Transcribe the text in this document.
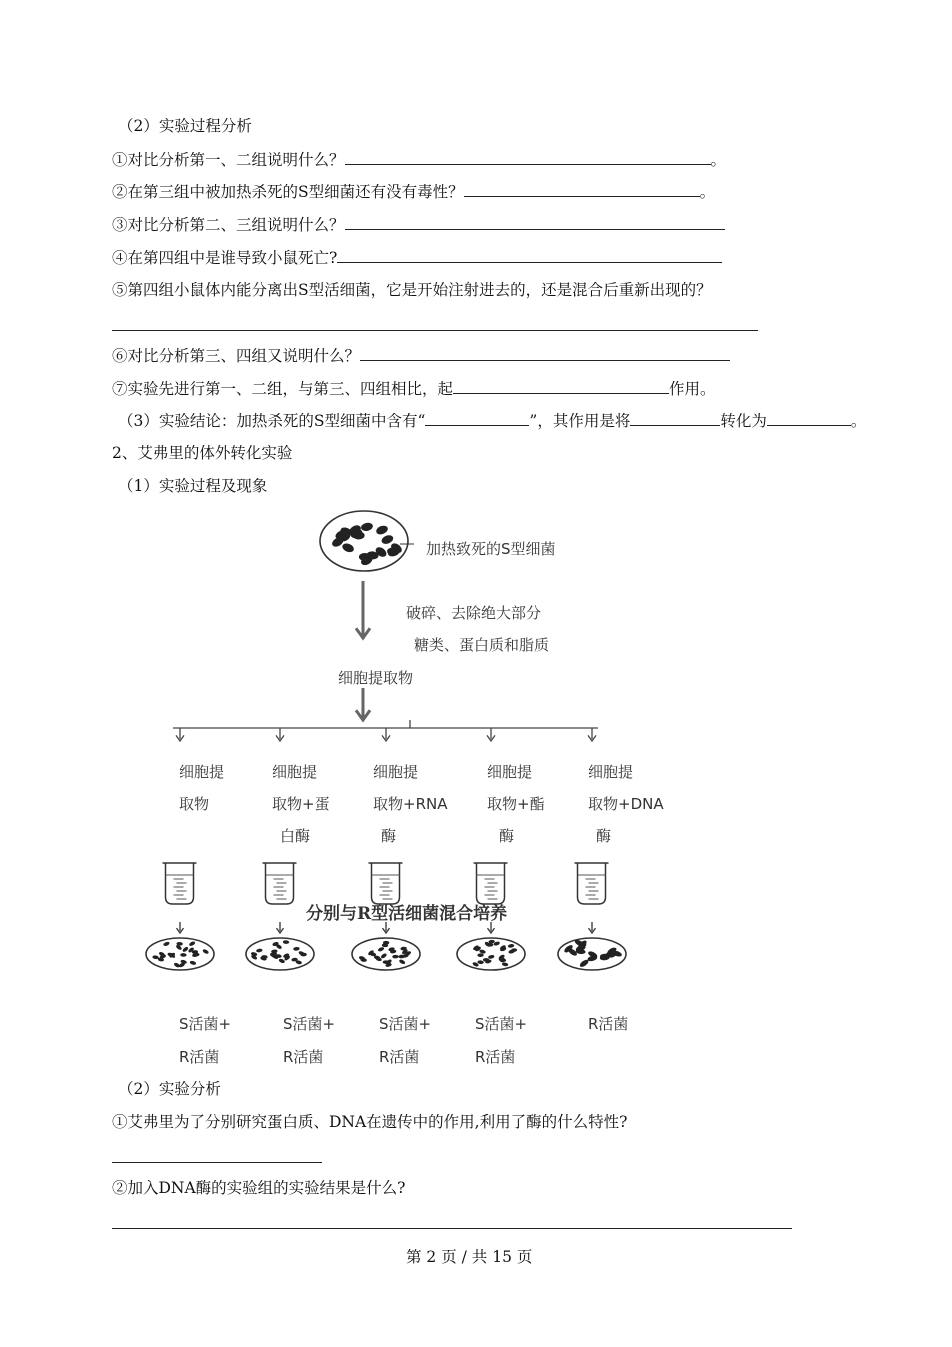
（2）实验过程分析
①对比分析第一、二组说明什么？	。
②在第三组中被加热杀死的S型细菌还有没有毒性？	。
③对比分析第二、三组说明什么？
④在第四组中是谁导致小鼠死亡?
⑤第四组小鼠体内能分离出S型活细菌，它是开始注射进去的，还是混合后重新出现的？
⑥对比分析第三、四组又说明什么？
⑦实验先进行第一、二组，与第三、四组相比，起	作用。
（3）实验结论：加热杀死的S型细菌中含有“	”，其作用是将	转化为	。
2、艾弗里的体外转化实验
（1）实验过程及现象
加热致死的S型细菌
破碎、去除绝大部分
糖类、蛋白质和脂质
细胞提取物
分别与R型活细菌混合培养
细胞提
取物
S活菌+
R活菌
细胞提
取物+蛋
白酶
S活菌+
R活菌
细胞提
取物+RNA
酶
S活菌+
R活菌
细胞提
取物+酯
酶
S活菌+
R活菌
细胞提
取物+DNA
酶
R活菌
（2）实验分析
①艾弗里为了分别研究蛋白质、DNA在遗传中的作用,利用了酶的什么特性?
②加入DNA酶的实验组的实验结果是什么?
第 2 页 / 共 15 页
